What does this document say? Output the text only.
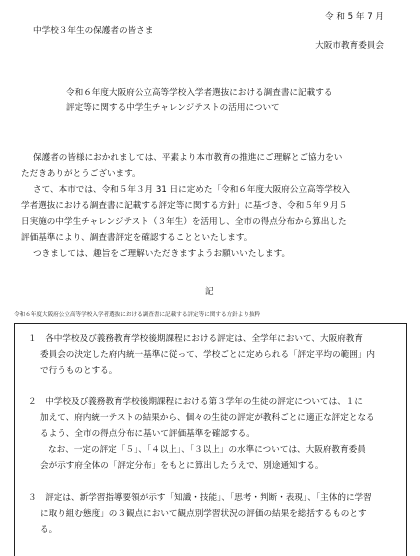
令 和 5 年 7 月
中学校３年生の保護者の皆さま
大阪市教育委員会
令和６年度大阪府公立高等学校入学者選抜における調査書に記載する
評定等に関する中学生チャレンジテストの活用について
保護者の皆様におかれましては、平素より本市教育の推進にご理解とご協力をい
ただきありがとうございます。
さて、本市では、令和５年３月 31 日に定めた「令和６年度大阪府公立高等学校入
学者選抜における調査書に記載する評定等に関する方針」に基づき、令和５年９月５
日実施の中学生チャレンジテスト（３年生）を活用し、全市の得点分布から算出した
評価基準により、調査書評定を確認することといたします。
つきましては、趣旨をご理解いただきますようお願いいたします。
記
令和６年度大阪府公立高等学校入学者選抜における調査書に記載する評定等に関する方針より抜粋
１　各中学校及び義務教育学校後期課程における評定は、全学年において、大阪府教育
委員会の決定した府内統一基準に従って、学校ごとに定められる「評定平均の範囲」内
で行うものとする。
２　中学校及び義務教育学校後期課程における第３学年の生徒の評定については、１に
加えて、府内統一テストの結果から、個々の生徒の評定が教科ごとに適正な評定となる
るよう、全市の得点分布に基いて評価基準を確認する。
なお、一定の評定「５」、「４以上」、「３以上」の水準については、大阪府教育委員
会が示す府全体の「評定分布」をもとに算出したうえで、別途通知する。
３　評定は、新学習指導要領が示す「知識・技能」、「思考・判断・表現」、「主体的に学習
に取り組む態度」の３観点において観点別学習状況の評価の結果を総括するものとす
る。
